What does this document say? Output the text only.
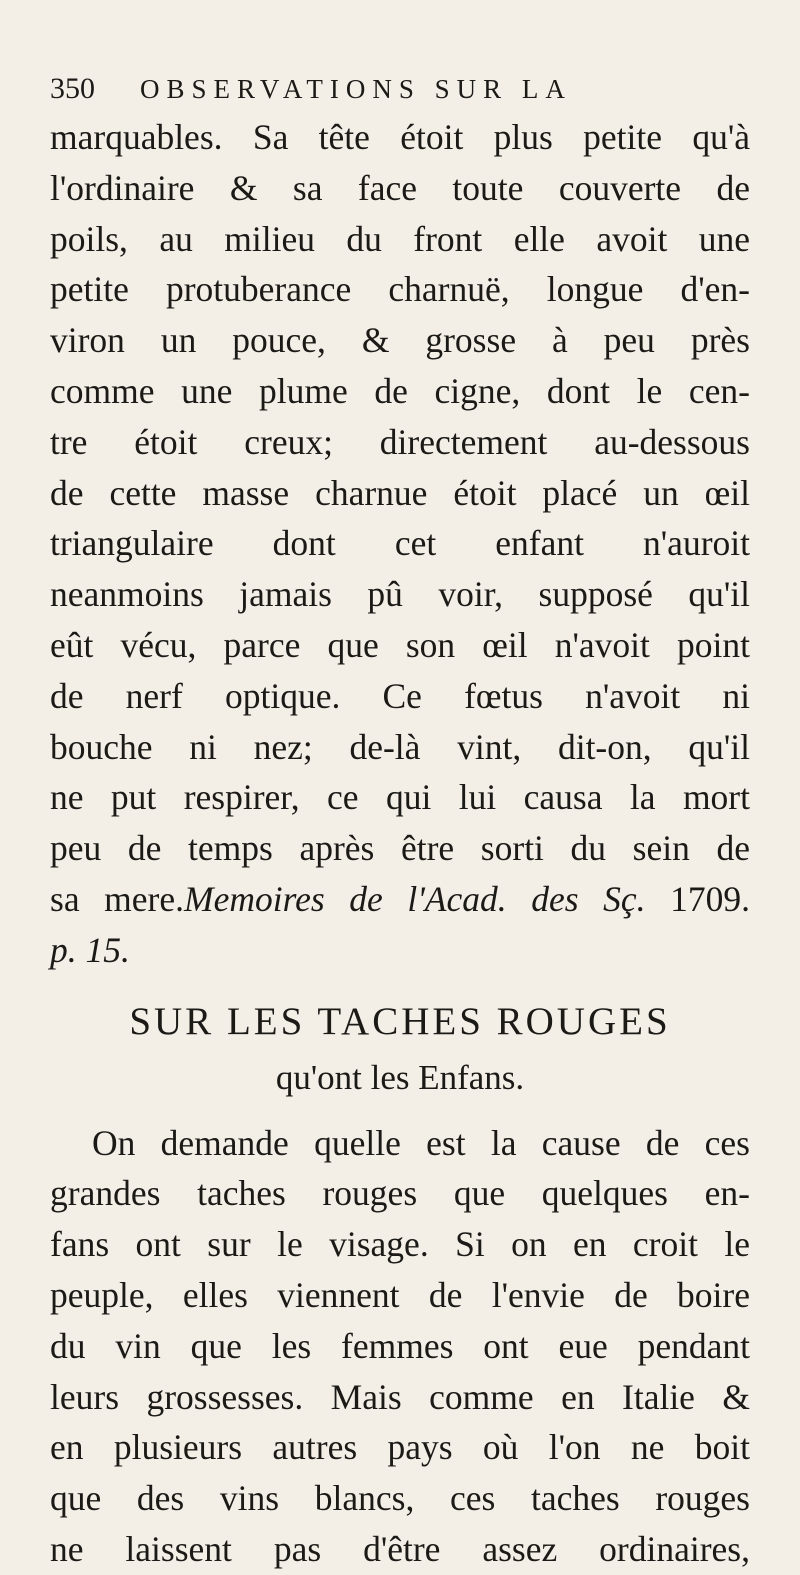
350	OBSERVATIONS SUR LA

marquables. Sa tête étoit plus petite qu'à
l'ordinaire & sa face toute couverte de
poils, au milieu du front elle avoit une
petite protuberance charnuë, longue d'en-
viron un pouce, & grosse à peu près
comme une plume de cigne, dont le cen-
tre étoit creux; directement au-dessous
de cette masse charnue étoit placé un œil
triangulaire dont cet enfant n'auroit
neanmoins jamais pû voir, supposé qu'il
eût vécu, parce que son œil n'avoit point
de nerf optique. Ce fœtus n'avoit ni
bouche ni nez; de-là vint, dit-on, qu'il
ne put respirer, ce qui lui causa la mort
peu de temps après être sorti du sein de
sa mere.Memoires de l'Acad. des Sç. 1709.
p. 15.

SUR LES TACHES ROUGES
qu'ont les Enfans.

On demande quelle est la cause de ces
grandes taches rouges que quelques en-
fans ont sur le visage. Si on en croit le
peuple, elles viennent de l'envie de boire
du vin que les femmes ont eue pendant
leurs grossesses. Mais comme en Italie &
en plusieurs autres pays où l'on ne boit
que des vins blancs, ces taches rouges
ne laissent pas d'être assez ordinaires,
